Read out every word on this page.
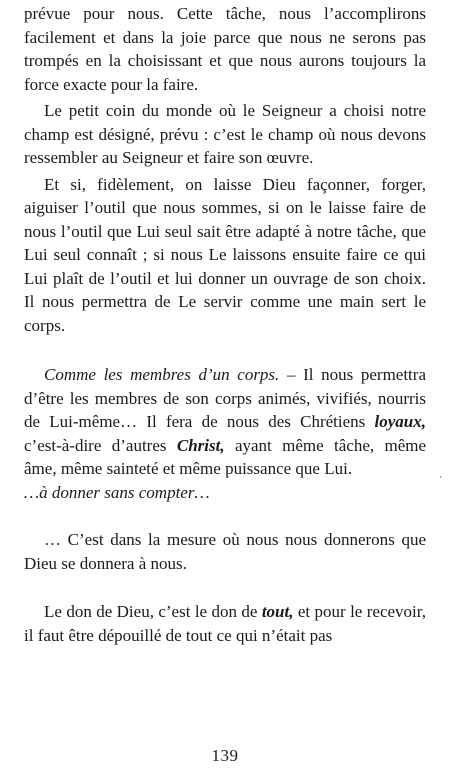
prévue pour nous. Cette tâche, nous l’accomplirons facilement et dans la joie parce que nous ne serons pas trompés en la choisissant et que nous aurons toujours la force exacte pour la faire.

Le petit coin du monde où le Seigneur a choisi notre champ est désigné, prévu : c’est le champ où nous devons ressembler au Seigneur et faire son œuvre.

Et si, fidèlement, on laisse Dieu façonner, forger, aiguiser l’outil que nous sommes, si on le laisse faire de nous l’outil que Lui seul sait être adapté à notre tâche, que Lui seul connaît ; si nous Le laissons ensuite faire ce qui Lui plaît de l’outil et lui donner un ouvrage de son choix. Il nous permettra de Le servir comme une main sert le corps.

Comme les membres d’un corps. – Il nous permettra d’être les membres de son corps animés, vivifiés, nourris de Lui-même… Il fera de nous des Chrétiens loyaux, c’est-à-dire d’autres Christ, ayant même tâche, même âme, même sainteté et même puissance que Lui.

…à donner sans compter…

… C’est dans la mesure où nous nous donnerons que Dieu se donnera à nous.

Le don de Dieu, c’est le don de tout, et pour le recevoir, il faut être dépouillé de tout ce qui n’était pas

139
